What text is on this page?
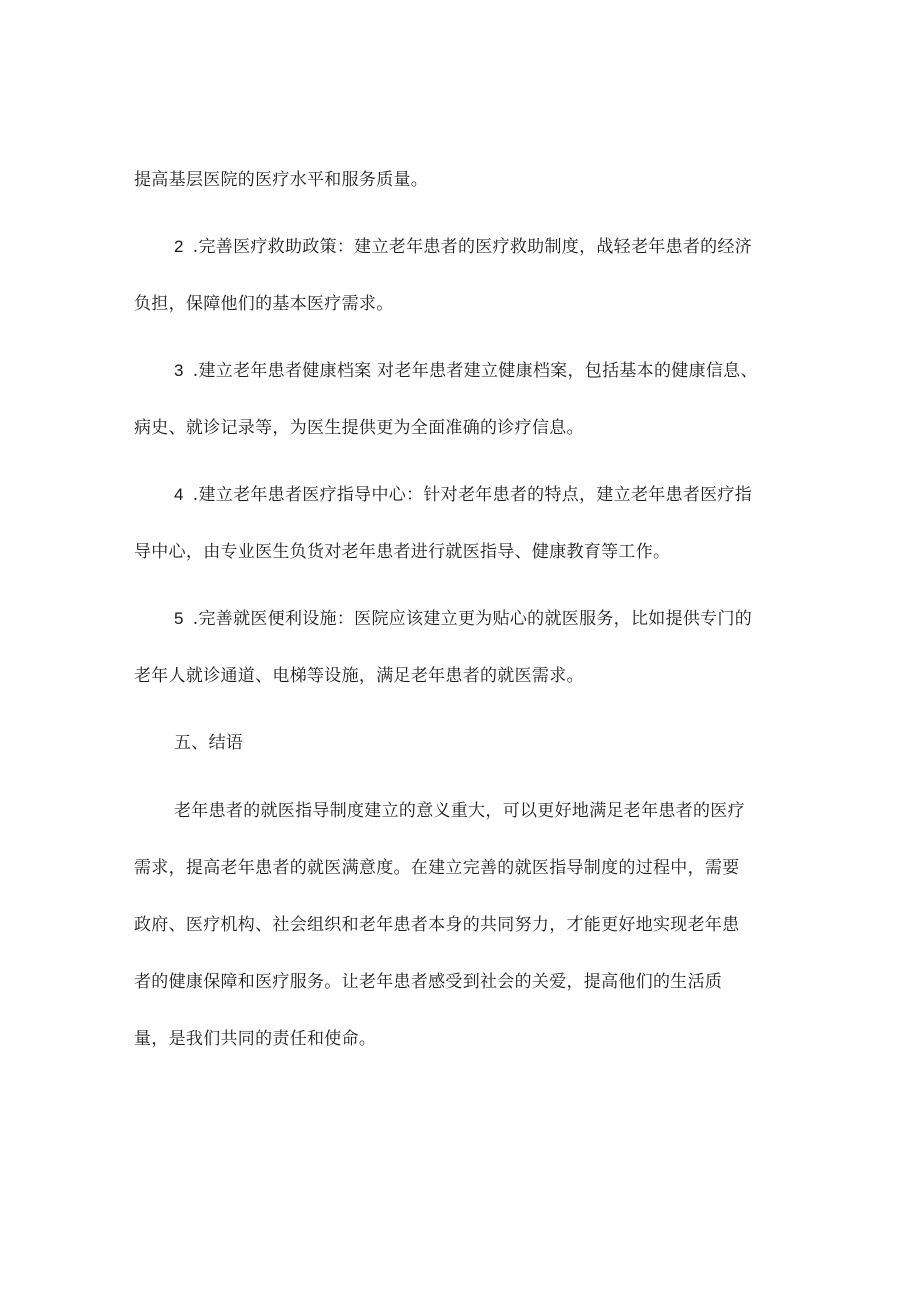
提高基层医院的医疗水平和服务质量。
2 .完善医疗救助政策：建立老年患者的医疗救助制度，战轻老年患者的经济
负担，保障他们的基本医疗需求。
3 .建立老年患者健康档案 对老年患者建立健康档案，包括基本的健康信息、
病史、就诊记录等，为医生提供更为全面准确的诊疗信息。
4 .建立老年患者医疗指导中心：针对老年患者的特点，建立老年患者医疗指
导中心，由专业医生负货对老年患者进行就医指导、健康教育等工作。
5 .完善就医便利设施：医院应该建立更为贴心的就医服务，比如提供专门的
老年人就诊通道、电梯等设施，满足老年患者的就医需求。
五、结语
老年患者的就医指导制度建立的意义重大，可以更好地满足老年患者的医疗
需求，提高老年患者的就医满意度。在建立完善的就医指导制度的过程中，需要
政府、医疗机构、社会组织和老年患者本身的共同努力，才能更好地实现老年患
者的健康保障和医疗服务。让老年患者感受到社会的关爱，提高他们的生活质
量，是我们共同的责任和使命。
